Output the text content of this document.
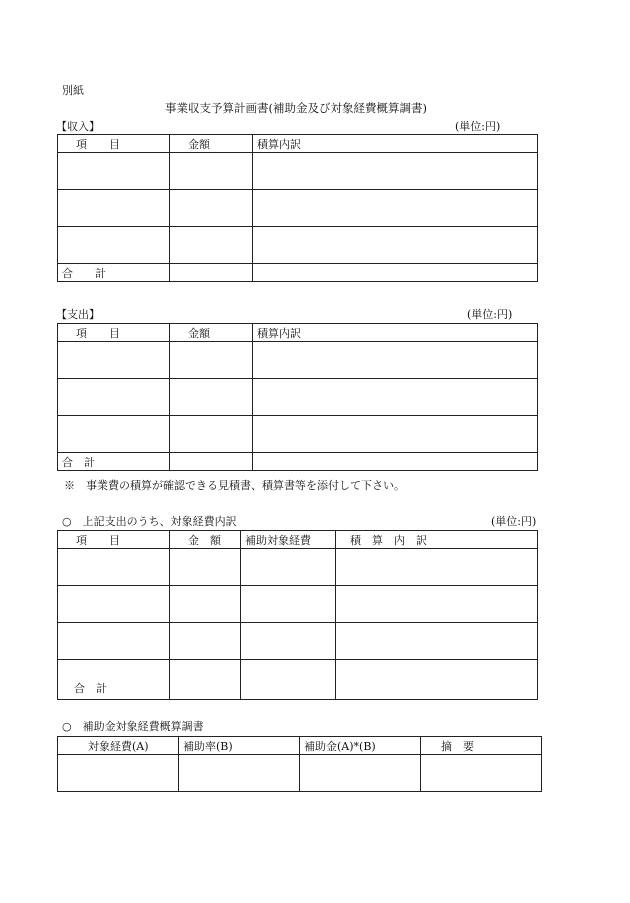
別紙
事業収支予算計画書(補助金及び対象経費概算調書)
【収入】	(単位:円)
項　　目	金額	積算内訳

合　　計		
【支出】	(単位:円)
項　　目	金額	積算内訳

合　計		
※　事業費の積算が確認できる見積書、積算書等を添付して下さい。
○　上記支出のうち、対象経費内訳	(単位:円)
項　　目	金　額	補助対象経費	積　算　内　訳

合　計			
○　補助金対象経費概算調書
対象経費(A)	補助率(B)	補助金(A)*(B)	摘　要
